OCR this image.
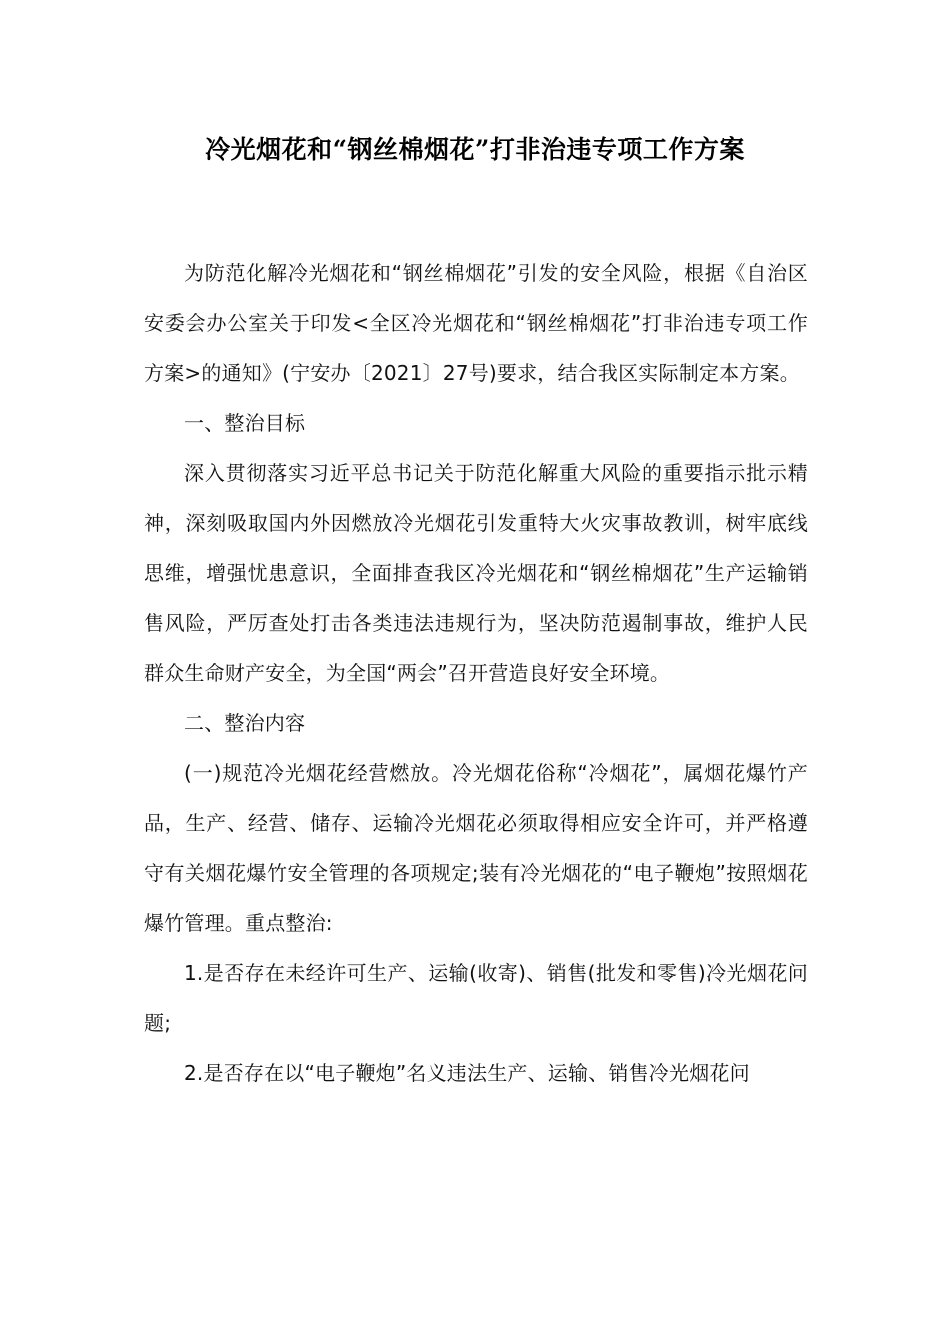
冷光烟花和“钢丝棉烟花”打非治违专项工作方案

为防范化解冷光烟花和“钢丝棉烟花”引发的安全风险，根据《自治区安委会办公室关于印发<全区冷光烟花和“钢丝棉烟花”打非治违专项工作方案>的通知》(宁安办〔2021〕27号)要求，结合我区实际制定本方案。

一、整治目标

深入贯彻落实习近平总书记关于防范化解重大风险的重要指示批示精神，深刻吸取国内外因燃放冷光烟花引发重特大火灾事故教训，树牢底线思维，增强忧患意识，全面排查我区冷光烟花和“钢丝棉烟花”生产运输销售风险，严厉查处打击各类违法违规行为，坚决防范遏制事故，维护人民群众生命财产安全，为全国“两会”召开营造良好安全环境。

二、整治内容

(一)规范冷光烟花经营燃放。冷光烟花俗称“冷烟花”，属烟花爆竹产品，生产、经营、储存、运输冷光烟花必须取得相应安全许可，并严格遵守有关烟花爆竹安全管理的各项规定;装有冷光烟花的“电子鞭炮”按照烟花爆竹管理。重点整治:

1.是否存在未经许可生产、运输(收寄)、销售(批发和零售)冷光烟花问题;

2.是否存在以“电子鞭炮”名义违法生产、运输、销售冷光烟花问
